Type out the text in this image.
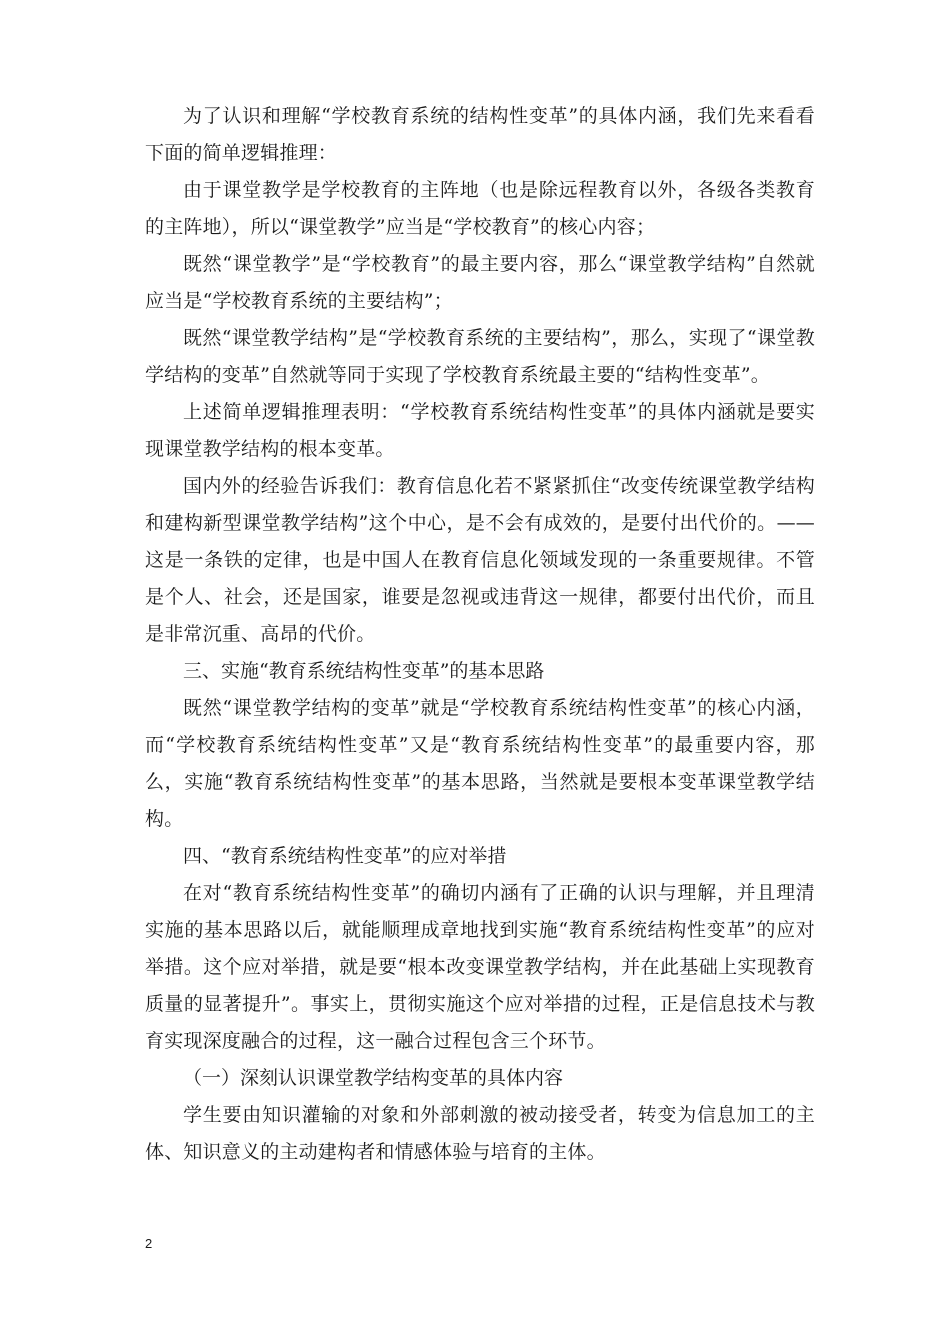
为了认识和理解“学校教育系统的结构性变革”的具体内涵，我们先来看看下面的简单逻辑推理：

由于课堂教学是学校教育的主阵地（也是除远程教育以外，各级各类教育的主阵地），所以“课堂教学”应当是“学校教育”的核心内容；

既然“课堂教学”是“学校教育”的最主要内容，那么“课堂教学结构”自然就应当是“学校教育系统的主要结构”；

既然“课堂教学结构”是“学校教育系统的主要结构”，那么，实现了“课堂教学结构的变革”自然就等同于实现了学校教育系统最主要的“结构性变革”。

上述简单逻辑推理表明：“学校教育系统结构性变革”的具体内涵就是要实现课堂教学结构的根本变革。

国内外的经验告诉我们：教育信息化若不紧紧抓住“改变传统课堂教学结构和建构新型课堂教学结构”这个中心，是不会有成效的，是要付出代价的。——这是一条铁的定律，也是中国人在教育信息化领域发现的一条重要规律。不管是个人、社会，还是国家，谁要是忽视或违背这一规律，都要付出代价，而且是非常沉重、高昂的代价。

三、实施“教育系统结构性变革”的基本思路

既然“课堂教学结构的变革”就是“学校教育系统结构性变革”的核心内涵，而“学校教育系统结构性变革”又是“教育系统结构性变革”的最重要内容，那么，实施“教育系统结构性变革”的基本思路，当然就是要根本变革课堂教学结构。

四、“教育系统结构性变革”的应对举措

在对“教育系统结构性变革”的确切内涵有了正确的认识与理解，并且理清实施的基本思路以后，就能顺理成章地找到实施“教育系统结构性变革”的应对举措。这个应对举措，就是要“根本改变课堂教学结构，并在此基础上实现教育质量的显著提升”。事实上，贯彻实施这个应对举措的过程，正是信息技术与教育实现深度融合的过程，这一融合过程包含三个环节。

（一）深刻认识课堂教学结构变革的具体内容

学生要由知识灌输的对象和外部刺激的被动接受者，转变为信息加工的主体、知识意义的主动建构者和情感体验与培育的主体。

2
